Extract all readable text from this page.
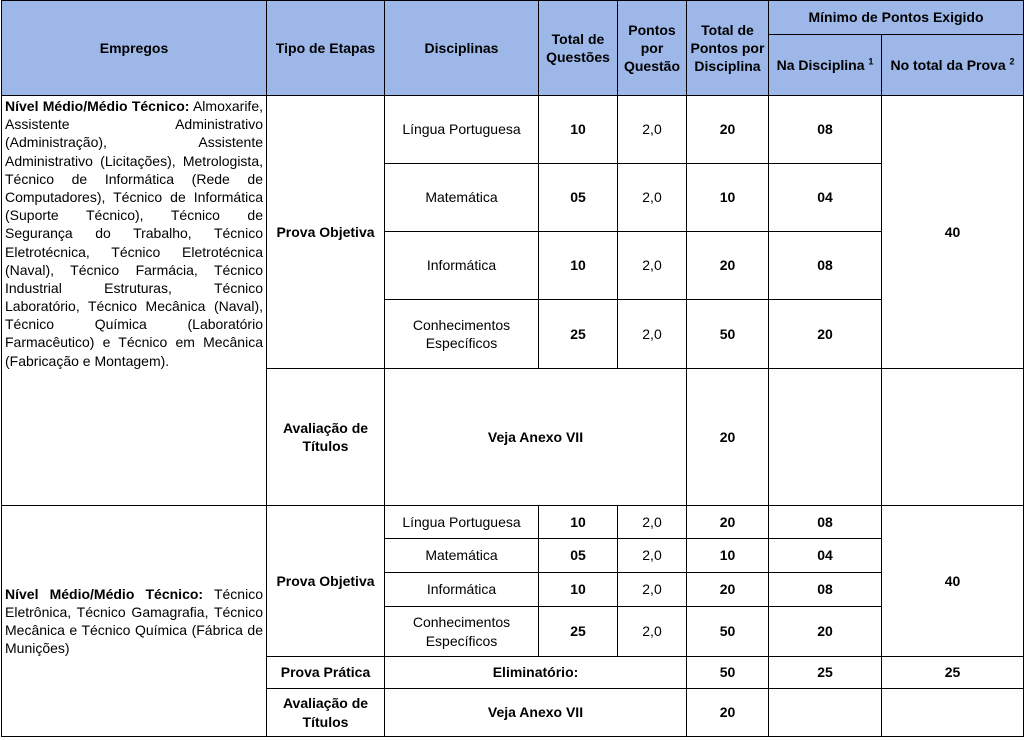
Empregos	Tipo de Etapas	Disciplinas	Total de Questões	Pontos por Questão	Total de Pontos por Disciplina	Mínimo de Pontos Exigido	
						Na Disciplina $^1$	No total da Prova $^2$
Nível Médio/Médio Técnico: Almoxarife, Assistente Administrativo (Administração), Assistente Administrativo (Licitações), Metrologista, Técnico de Informática (Rede de Computadores), Técnico de Informática (Suporte Técnico), Técnico de Segurança do Trabalho, Técnico Eletrotécnica, Técnico Eletrotécnica (Naval), Técnico Farmácia, Técnico Industrial Estruturas, Técnico Laboratório, Técnico Mecânica (Naval), Técnico Química (Laboratório Farmacêutico) e Técnico em Mecânica (Fabricação e Montagem).	Prova Objetiva	Língua Portuguesa	10	2,0	20	08	40
		Matemática	05	2,0	10	04	
		Informática	10	2,0	20	08	
		Conhecimentos Específicos	25	2,0	50	20	
	Avaliação de Títulos	Veja Anexo VII			20		
Nível Médio/Médio Técnico: Técnico Eletrônica, Técnico Gamagrafia, Técnico Mecânica e Técnico Química (Fábrica de Munições)	Prova Objetiva	Língua Portuguesa	10	2,0	20	08	40
		Matemática	05	2,0	10	04	
		Informática	10	2,0	20	08	
		Conhecimentos Específicos	25	2,0	50	20	
	Prova Prática	Eliminatório:			50	25	25
	Avaliação de Títulos	Veja Anexo VII			20		
